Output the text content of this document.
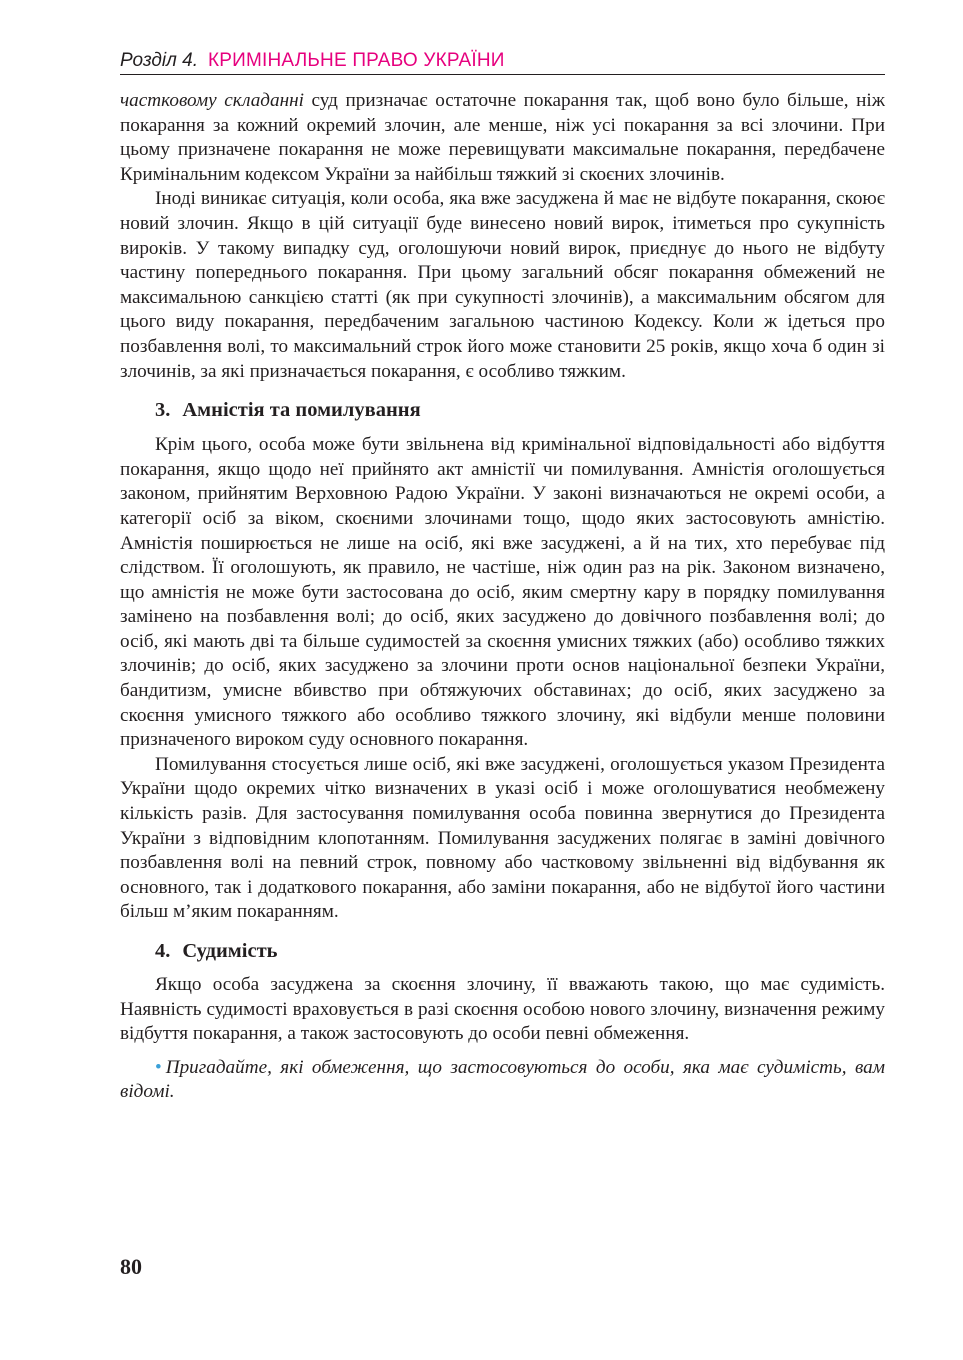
Розділ 4. КРИМІНАЛЬНЕ ПРАВО УКРАЇНИ

частковому складанні суд призначає остаточне покарання так, щоб воно було більше, ніж покарання за кожний окремий злочин, але менше, ніж усі покарання за всі злочини. При цьому призначене покарання не може перевищувати максимальне покарання, передбачене Кримінальним кодексом України за найбільш тяжкий зі скоєних злочинів.

Іноді виникає ситуація, коли особа, яка вже засуджена й має не відбуте покарання, скоює новий злочин. Якщо в цій ситуації буде винесено новий вирок, ітиметься про сукупність вироків. У такому випадку суд, оголошуючи новий вирок, приєднує до нього не відбуту частину попереднього покарання. При цьому загальний обсяг покарання обмежений не максимальною санкцією статті (як при сукупності злочинів), а максимальним обсягом для цього виду покарання, передбаченим загальною частиною Кодексу. Коли ж ідеться про позбавлення волі, то максимальний строк його може становити 25 років, якщо хоча б один зі злочинів, за які призначається покарання, є особливо тяжким.

3. Амністія та помилування

Крім цього, особа може бути звільнена від кримінальної відповідальності або відбуття покарання, якщо щодо неї прийнято акт амністії чи помилування. Амністія оголошується законом, прийнятим Верховною Радою України. У законі визначаються не окремі особи, а категорії осіб за віком, скоєними злочинами тощо, щодо яких застосовують амністію. Амністія поширюється не лише на осіб, які вже засуджені, а й на тих, хто перебуває під слідством. Її оголошують, як правило, не частіше, ніж один раз на рік. Законом визначено, що амністія не може бути застосована до осіб, яким смертну кару в порядку помилування замінено на позбавлення волі; до осіб, яких засуджено до довічного позбавлення волі; до осіб, які мають дві та більше судимостей за скоєння умисних тяжких (або) особливо тяжких злочинів; до осіб, яких засуджено за злочини проти основ національної безпеки України, бандитизм, умисне вбивство при обтяжуючих обставинах; до осіб, яких засуджено за скоєння умисного тяжкого або особливо тяжкого злочину, які відбули менше половини призначеного вироком суду основного покарання.

Помилування стосується лише осіб, які вже засуджені, оголошується указом Президента України щодо окремих чітко визначених в указі осіб і може оголошуватися необмежену кількість разів. Для застосування помилування особа повинна звернутися до Президента України з відповідним клопотанням. Помилування засуджених полягає в заміні довічного позбавлення волі на певний строк, повному або частковому звільненні від відбування як основного, так і додаткового покарання, або заміни покарання, або не відбутої його частини більш м’яким покаранням.

4. Судимість

Якщо особа засуджена за скоєння злочину, її вважають такою, що має судимість. Наявність судимості враховується в разі скоєння особою нового злочину, визначення режиму відбуття покарання, а також застосовують до особи певні обмеження.

• Пригадайте, які обмеження, що застосовуються до особи, яка має судимість, вам відомі.

80
